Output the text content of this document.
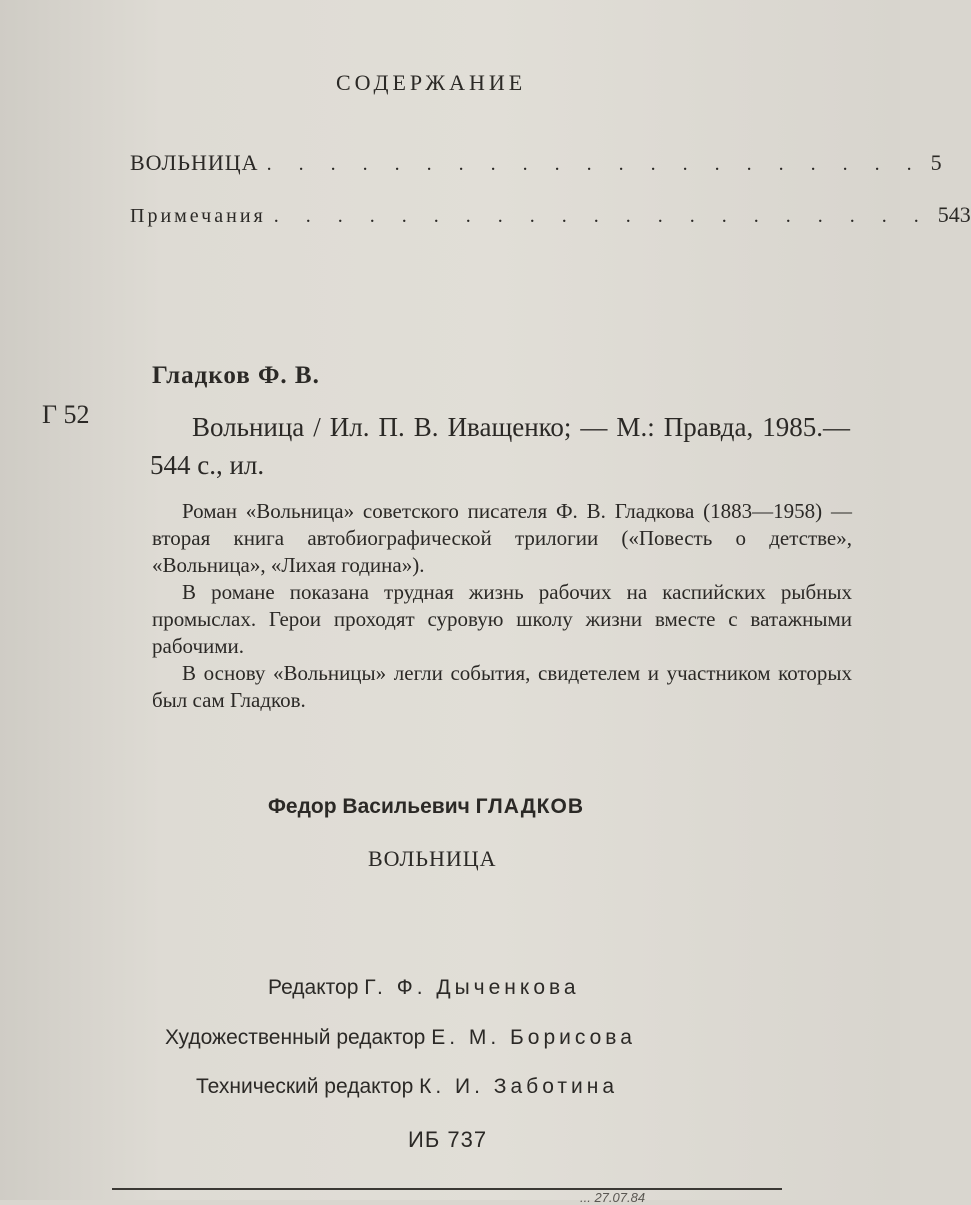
СОДЕРЖАНИЕ
ВОЛЬНИЦА . . . . . . . . . . . . . . . . . . . . . 5
Примечания . . . . . . . . . . . . . . . . . . . . . 543
Гладков Ф. В.
Г 52	Вольница / Ил. П. В. Иващенко; — М.: Правда, 1985.— 544 с., ил.

Роман «Вольница» советского писателя Ф. В. Гладкова (1883—1958) — вторая книга автобиографической трилогии («Повесть о детстве», «Вольница», «Лихая година»).

В романе показана трудная жизнь рабочих на каспийских рыбных промыслах. Герои проходят суровую школу жизни вместе с ватажными рабочими.

В основу «Вольницы» легли события, свидетелем и участником которых был сам Гладков.

Федор Васильевич ГЛАДКОВ
ВОЛЬНИЦА
Редактор Г. Ф. Дыченкова
Художественный редактор Е. М. Борисова
Технический редактор К. И. Заботина
ИБ 737
... 27.07.84
